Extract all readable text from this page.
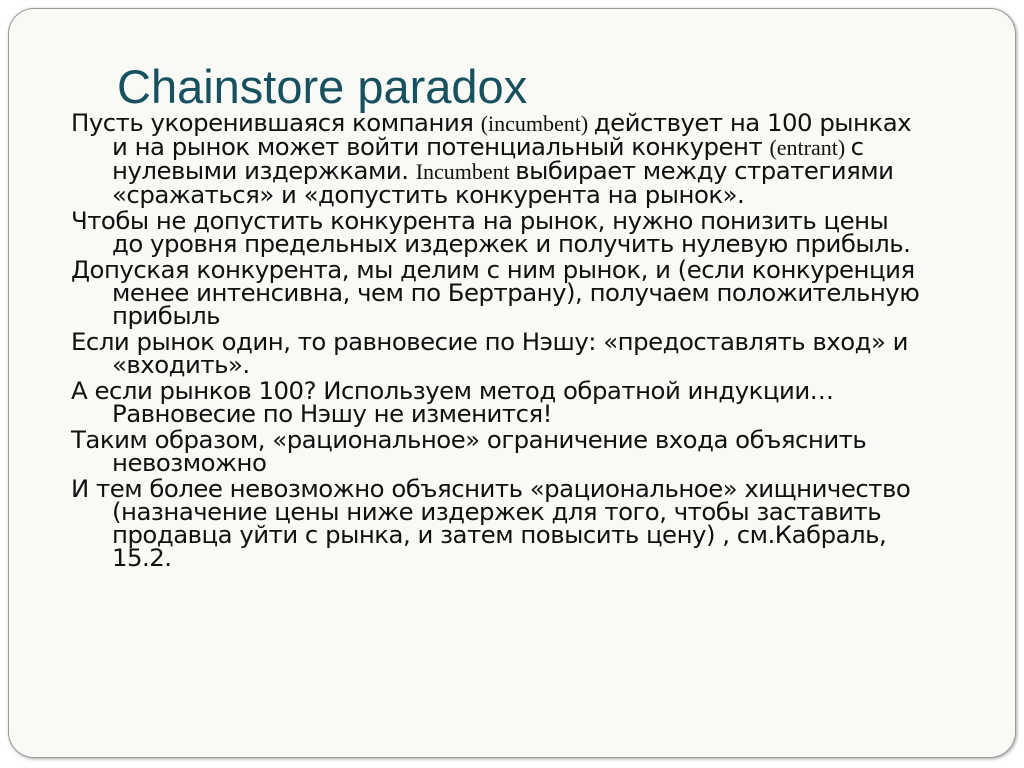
Chainstore paradox
Пусть укоренившаяся компания (incumbent) действует на 100 рынках и на рынок может войти потенциальный конкурент (entrant) с нулевыми издержками. Incumbent выбирает между стратегиями «сражаться» и «допустить конкурента на рынок».
Чтобы не допустить конкурента на рынок, нужно понизить цены до уровня предельных издержек и получить нулевую прибыль.
Допуская конкурента, мы делим с ним рынок, и (если конкуренция менее интенсивна, чем по Бертрану), получаем положительную прибыль
Если рынок один, то равновесие по Нэшу: «предоставлять вход» и «входить».
А если рынков 100? Используем метод обратной индукции…Равновесие по Нэшу не изменится!
Таким образом, «рациональное» ограничение входа объяснить невозможно
И тем более невозможно объяснить «рациональное» хищничество (назначение цены ниже издержек для того, чтобы заставить продавца уйти с рынка, и затем повысить цену) , см.Кабраль, 15.2.
